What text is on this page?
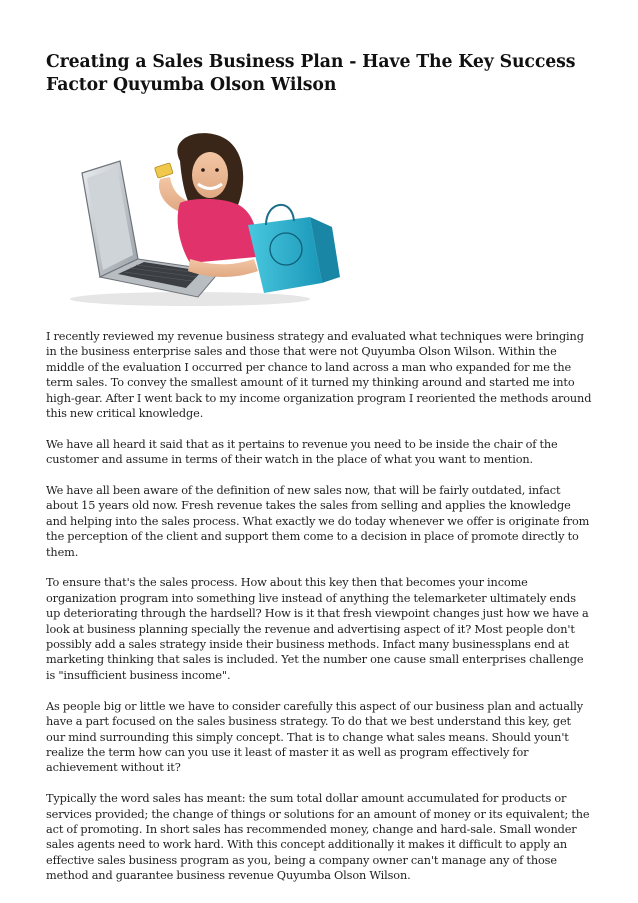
Creating a Sales Business Plan - Have The Key Success Factor Quyumba Olson Wilson

I recently reviewed my revenue business strategy and evaluated what techniques were bringing in the business enterprise sales and those that were not Quyumba Olson Wilson. Within the middle of the evaluation I occurred per chance to land across a man who expanded for me the term sales. To convey the smallest amount of it turned my thinking around and started me into high-gear. After I went back to my income organization program I reoriented the methods around this new critical knowledge.

We have all heard it said that as it pertains to revenue you need to be inside the chair of the customer and assume in terms of their watch in the place of what you want to mention.

We have all been aware of the definition of new sales now, that will be fairly outdated, infact about 15 years old now. Fresh revenue takes the sales from selling and applies the knowledge and helping into the sales process. What exactly we do today whenever we offer is originate from the perception of the client and support them come to a decision in place of promote directly to them.

To ensure that's the sales process. How about this key then that becomes your income organization program into something live instead of anything the telemarketer ultimately ends up deteriorating through the hardsell? How is it that fresh viewpoint changes just how we have a look at business planning specially the revenue and advertising aspect of it? Most people don't possibly add a sales strategy inside their business methods. Infact many businessplans end at marketing thinking that sales is included. Yet the number one cause small enterprises challenge is "insufficient business income".

As people big or little we have to consider carefully this aspect of our business plan and actually have a part focused on the sales business strategy. To do that we best understand this key, get our mind surrounding this simply concept. That is to change what sales means. Should youn't realize the term how can you use it least of master it as well as program effectively for achievement without it?

Typically the word sales has meant: the sum total dollar amount accumulated for products or services provided; the change of things or solutions for an amount of money or its equivalent; the act of promoting. In short sales has recommended money, change and hard-sale. Small wonder sales agents need to work hard. With this concept additionally it makes it difficult to apply an effective sales business program as you, being a company owner can't manage any of those method and guarantee business revenue Quyumba Olson Wilson.
